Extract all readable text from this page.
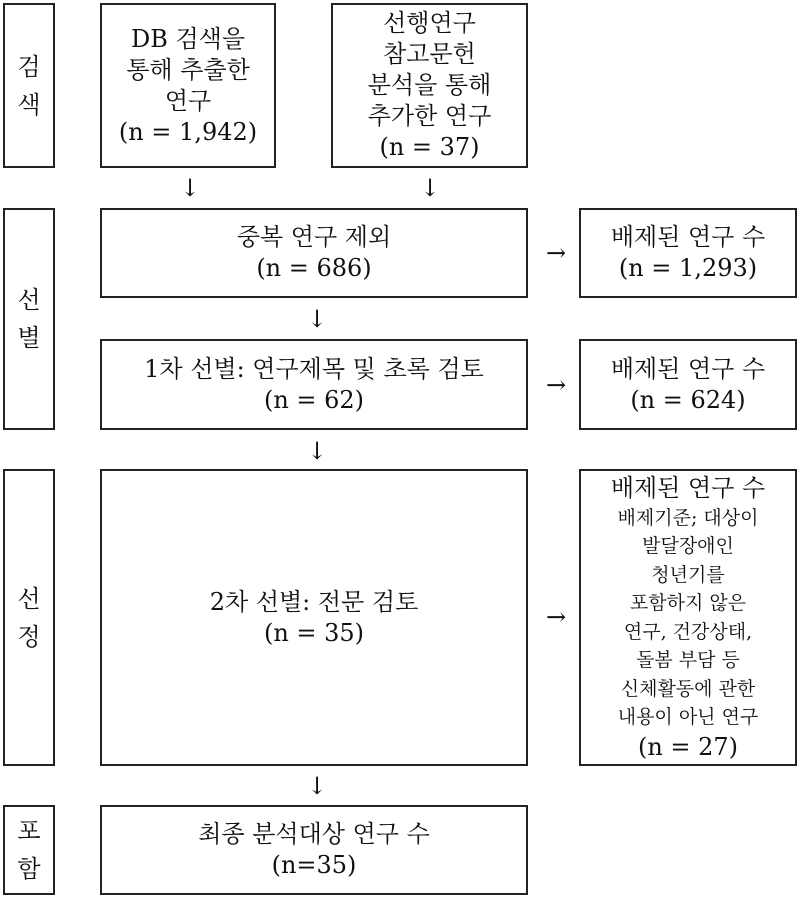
검
색
선
별
선
정
포
함
DB 검색을
통해 추출한
연구
(n = 1,942)
선행연구
참고문헌
분석을 통해
추가한 연구
(n = 37)
↓	↓
중복 연구 제외
(n = 686)
→
배제된 연구 수
(n = 1,293)
↓
1차 선별: 연구제목 및 초록 검토
(n = 62)
→
배제된 연구 수
(n = 624)
↓
2차 선별: 전문 검토
(n = 35)
→
배제된 연구 수
배제기준; 대상이
발달장애인
청년기를
포함하지 않은
연구, 건강상태,
돌봄 부담 등
신체활동에 관한
내용이 아닌 연구
(n = 27)
↓
최종 분석대상 연구 수
(n=35)
